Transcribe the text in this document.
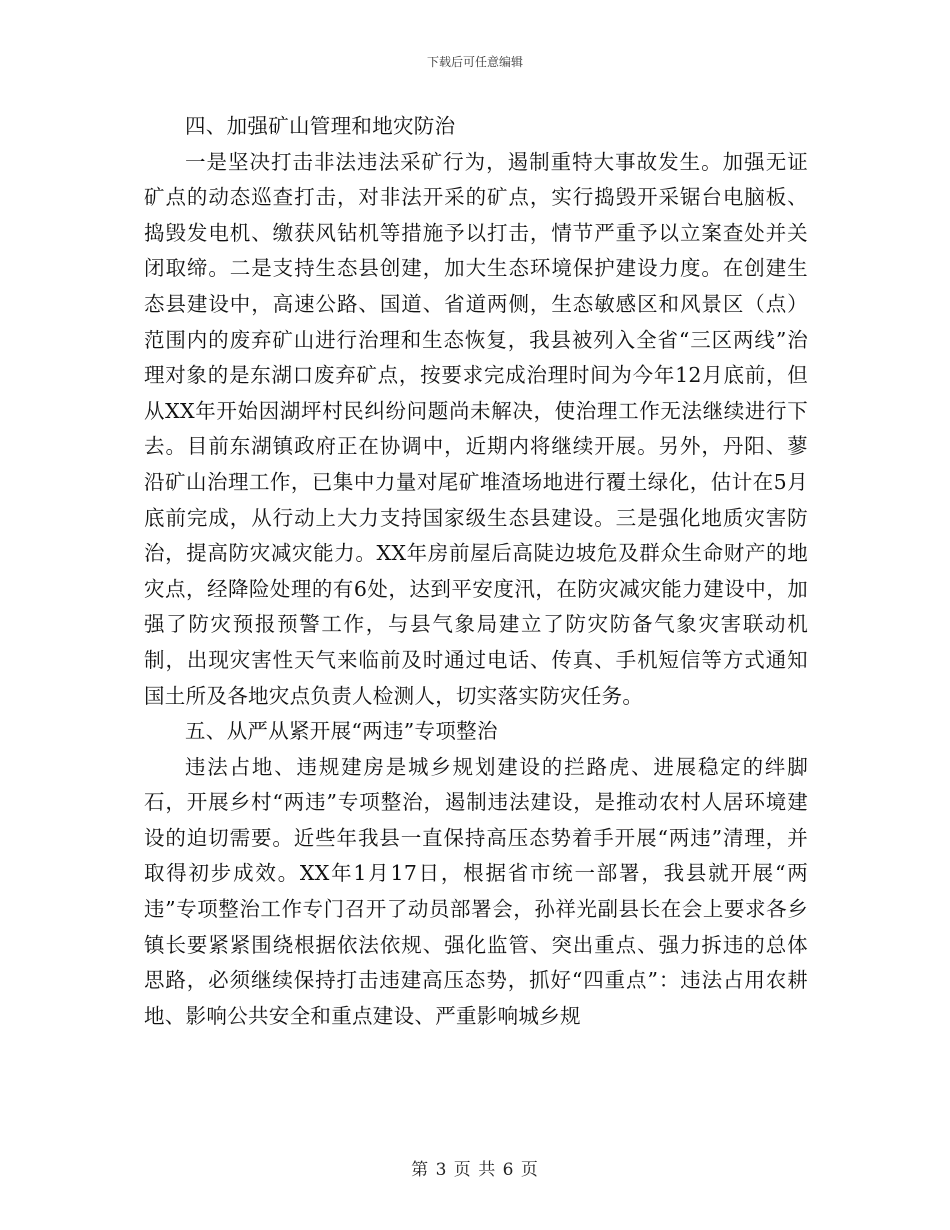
下载后可任意编辑

四、加强矿山管理和地灾防治

一是坚决打击非法违法采矿行为，遏制重特大事故发生。加强无证矿点的动态巡查打击，对非法开采的矿点，实行捣毁开采锯台电脑板、捣毁发电机、缴获风钻机等措施予以打击，情节严重予以立案查处并关闭取缔。二是支持生态县创建，加大生态环境保护建设力度。在创建生态县建设中，高速公路、国道、省道两侧，生态敏感区和风景区（点）范围内的废弃矿山进行治理和生态恢复，我县被列入全省“三区两线”治理对象的是东湖口废弃矿点，按要求完成治理时间为今年12月底前，但从XX年开始因湖坪村民纠纷问题尚未解决，使治理工作无法继续进行下去。目前东湖镇政府正在协调中，近期内将继续开展。另外，丹阳、蓼沿矿山治理工作，已集中力量对尾矿堆渣场地进行覆土绿化，估计在5月底前完成，从行动上大力支持国家级生态县建设。三是强化地质灾害防治，提高防灾减灾能力。XX年房前屋后高陡边坡危及群众生命财产的地灾点，经降险处理的有6处，达到平安度汛，在防灾减灾能力建设中，加强了防灾预报预警工作，与县气象局建立了防灾防备气象灾害联动机制，出现灾害性天气来临前及时通过电话、传真、手机短信等方式通知国土所及各地灾点负责人检测人，切实落实防灾任务。

五、从严从紧开展“两违”专项整治

违法占地、违规建房是城乡规划建设的拦路虎、进展稳定的绊脚石，开展乡村“两违”专项整治，遏制违法建设，是推动农村人居环境建设的迫切需要。近些年我县一直保持高压态势着手开展“两违”清理，并取得初步成效。XX年1月17日，根据省市统一部署，我县就开展“两违”专项整治工作专门召开了动员部署会，孙祥光副县长在会上要求各乡镇长要紧紧围绕根据依法依规、强化监管、突出重点、强力拆违的总体思路，必须继续保持打击违建高压态势，抓好“四重点”：违法占用农耕地、影响公共安全和重点建设、严重影响城乡规

第 3 页 共 6 页
